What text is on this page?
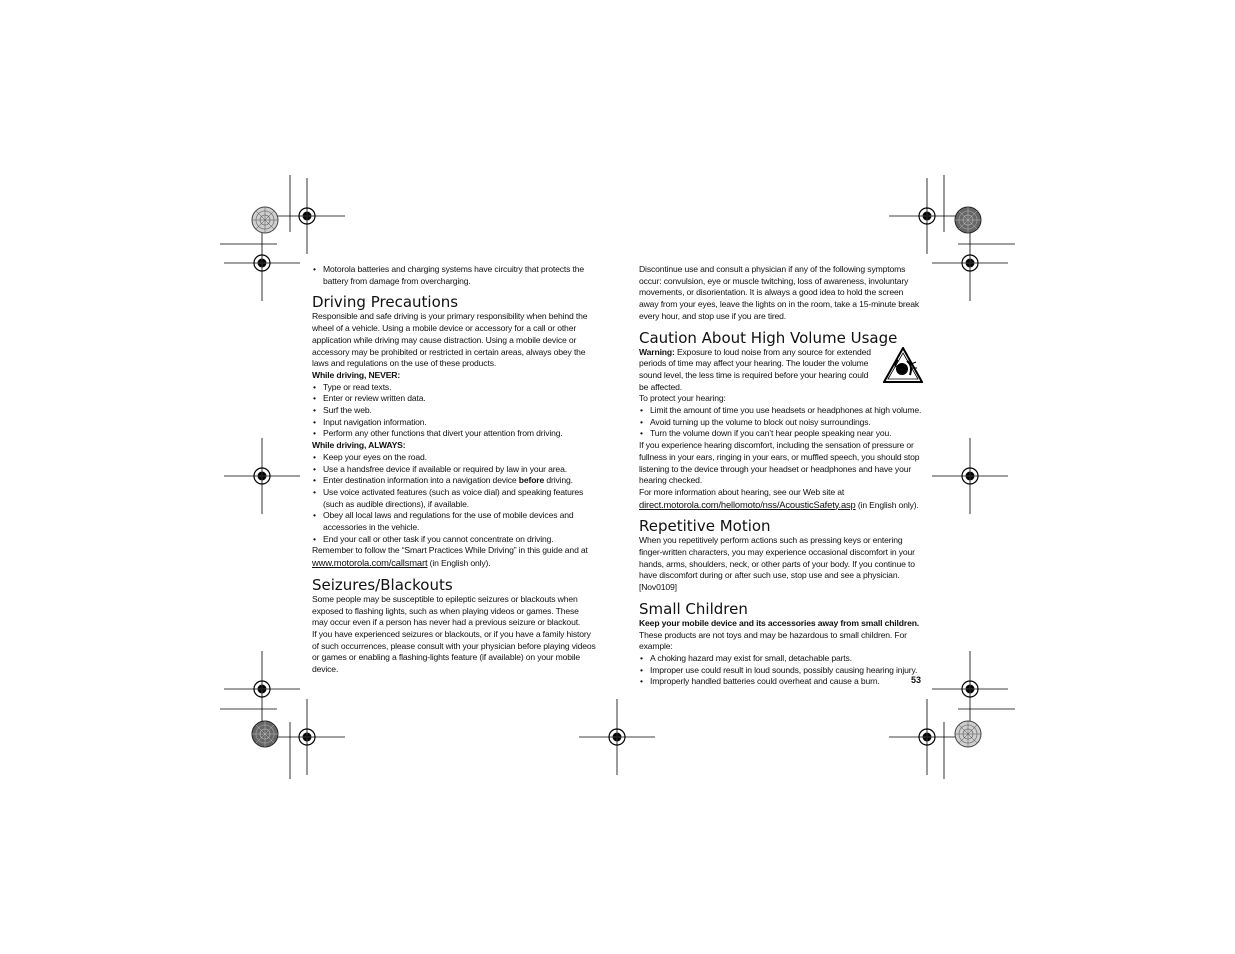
• Motorola batteries and charging systems have circuitry that protects the battery from damage from overcharging.
Driving Precautions

Responsible and safe driving is your primary responsibility when behind the wheel of a vehicle. Using a mobile device or accessory for a call or other application while driving may cause distraction. Using a mobile device or accessory may be prohibited or restricted in certain areas, always obey the laws and regulations on the use of these products.

While driving, NEVER:

• Type or read texts.
• Enter or review written data.
• Surf the web.
• Input navigation information.
• Perform any other functions that divert your attention from driving.

While driving, ALWAYS:

• Keep your eyes on the road.
• Use a handsfree device if available or required by law in your area.
• Enter destination information into a navigation device before driving.
• Use voice activated features (such as voice dial) and speaking features (such as audible directions), if available.
• Obey all local laws and regulations for the use of mobile devices and accessories in the vehicle.
• End your call or other task if you cannot concentrate on driving.

Remember to follow the “Smart Practices While Driving” in this guide and at

www.motorola.com/callsmart (in English only).

Seizures/Blackouts

Some people may be susceptible to epileptic seizures or blackouts when exposed to flashing lights, such as when playing videos or games. These may occur even if a person has never had a previous seizure or blackout.

If you have experienced seizures or blackouts, or if you have a family history of such occurrences, please consult with your physician before playing videos or games or enabling a flashing-lights feature (if available) on your mobile device.

Discontinue use and consult a physician if any of the following symptoms occur: convulsion, eye or muscle twitching, loss of awareness, involuntary movements, or disorientation. It is always a good idea to hold the screen away from your eyes, leave the lights on in the room, take a 15-minute break every hour, and stop use if you are tired.

Caution About High Volume Usage

Warning: Exposure to loud noise from any source for extended periods of time may affect your hearing. The louder the volume sound level, the less time is required before your hearing could be affected.

To protect your hearing:

• Limit the amount of time you use headsets or headphones at high volume.
• Avoid turning up the volume to block out noisy surroundings.
• Turn the volume down if you can’t hear people speaking near you.

If you experience hearing discomfort, including the sensation of pressure or fullness in your ears, ringing in your ears, or muffled speech, you should stop listening to the device through your headset or headphones and have your hearing checked.

For more information about hearing, see our Web site at

direct.motorola.com/hellomoto/nss/AcousticSafety.asp (in English only).

Repetitive Motion

When you repetitively perform actions such as pressing keys or entering finger-written characters, you may experience occasional discomfort in your hands, arms, shoulders, neck, or other parts of your body. If you continue to have discomfort during or after such use, stop use and see a physician.

[Nov0109]

Small Children

Keep your mobile device and its accessories away from small children.

These products are not toys and may be hazardous to small children. For example:

• A choking hazard may exist for small, detachable parts.
• Improper use could result in loud sounds, possibly causing hearing injury.
• Improperly handled batteries could overheat and cause a burn.	53
